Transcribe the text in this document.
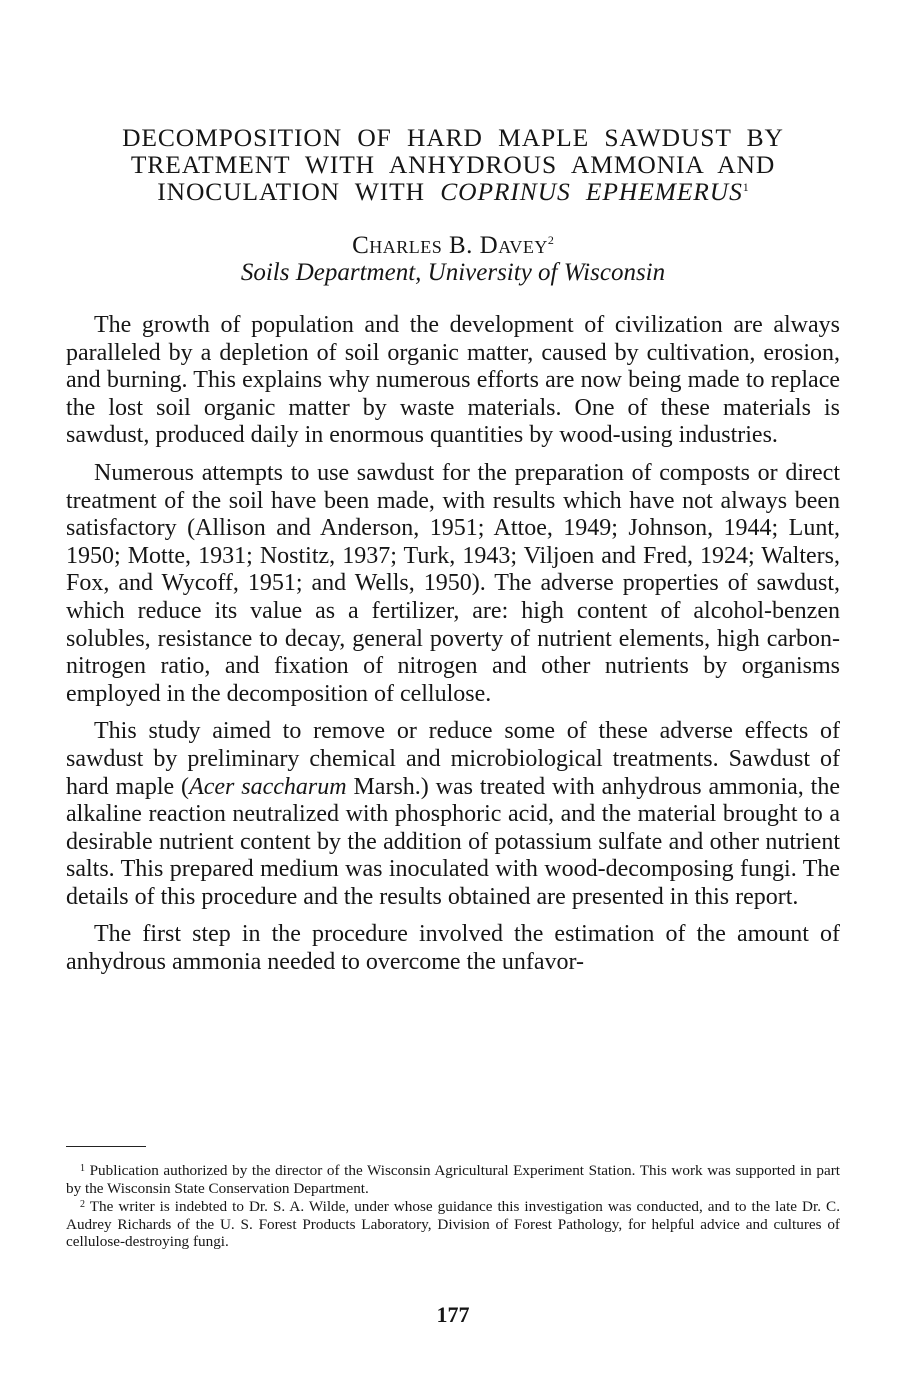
DECOMPOSITION OF HARD MAPLE SAWDUST BY
TREATMENT WITH ANHYDROUS AMMONIA AND
INOCULATION WITH COPRINUS EPHEMERUS$^1$
Charles B. Davey$^2$
Soils Department, University of Wisconsin

The growth of population and the development of civilization are always paralleled by a depletion of soil organic matter, caused by cultivation, erosion, and burning. This explains why numerous efforts are now being made to replace the lost soil organic matter by waste materials. One of these materials is sawdust, produced daily in enormous quantities by wood-using industries.

Numerous attempts to use sawdust for the preparation of composts or direct treatment of the soil have been made, with results which have not always been satisfactory (Allison and Anderson, 1951; Attoe, 1949; Johnson, 1944; Lunt, 1950; Motte, 1931; Nostitz, 1937; Turk, 1943; Viljoen and Fred, 1924; Walters, Fox, and Wycoff, 1951; and Wells, 1950). The adverse properties of sawdust, which reduce its value as a fertilizer, are: high content of alcohol-benzen solubles, resistance to decay, general poverty of nutrient elements, high carbon-nitrogen ratio, and fixation of nitrogen and other nutrients by organisms employed in the decomposition of cellulose.

This study aimed to remove or reduce some of these adverse effects of sawdust by preliminary chemical and microbiological treatments. Sawdust of hard maple (Acer saccharum Marsh.) was treated with anhydrous ammonia, the alkaline reaction neutralized with phosphoric acid, and the material brought to a desirable nutrient content by the addition of potassium sulfate and other nutrient salts. This prepared medium was inoculated with wood-decomposing fungi. The details of this procedure and the results obtained are presented in this report.

The first step in the procedure involved the estimation of the amount of anhydrous ammonia needed to overcome the unfavor-

$^1$ Publication authorized by the director of the Wisconsin Agricultural Experiment Station. This work was supported in part by the Wisconsin State Conservation Department.

$^2$ The writer is indebted to Dr. S. A. Wilde, under whose guidance this investigation was conducted, and to the late Dr. C. Audrey Richards of the U. S. Forest Products Laboratory, Division of Forest Pathology, for helpful advice and cultures of cellulose-destroying fungi.

177
